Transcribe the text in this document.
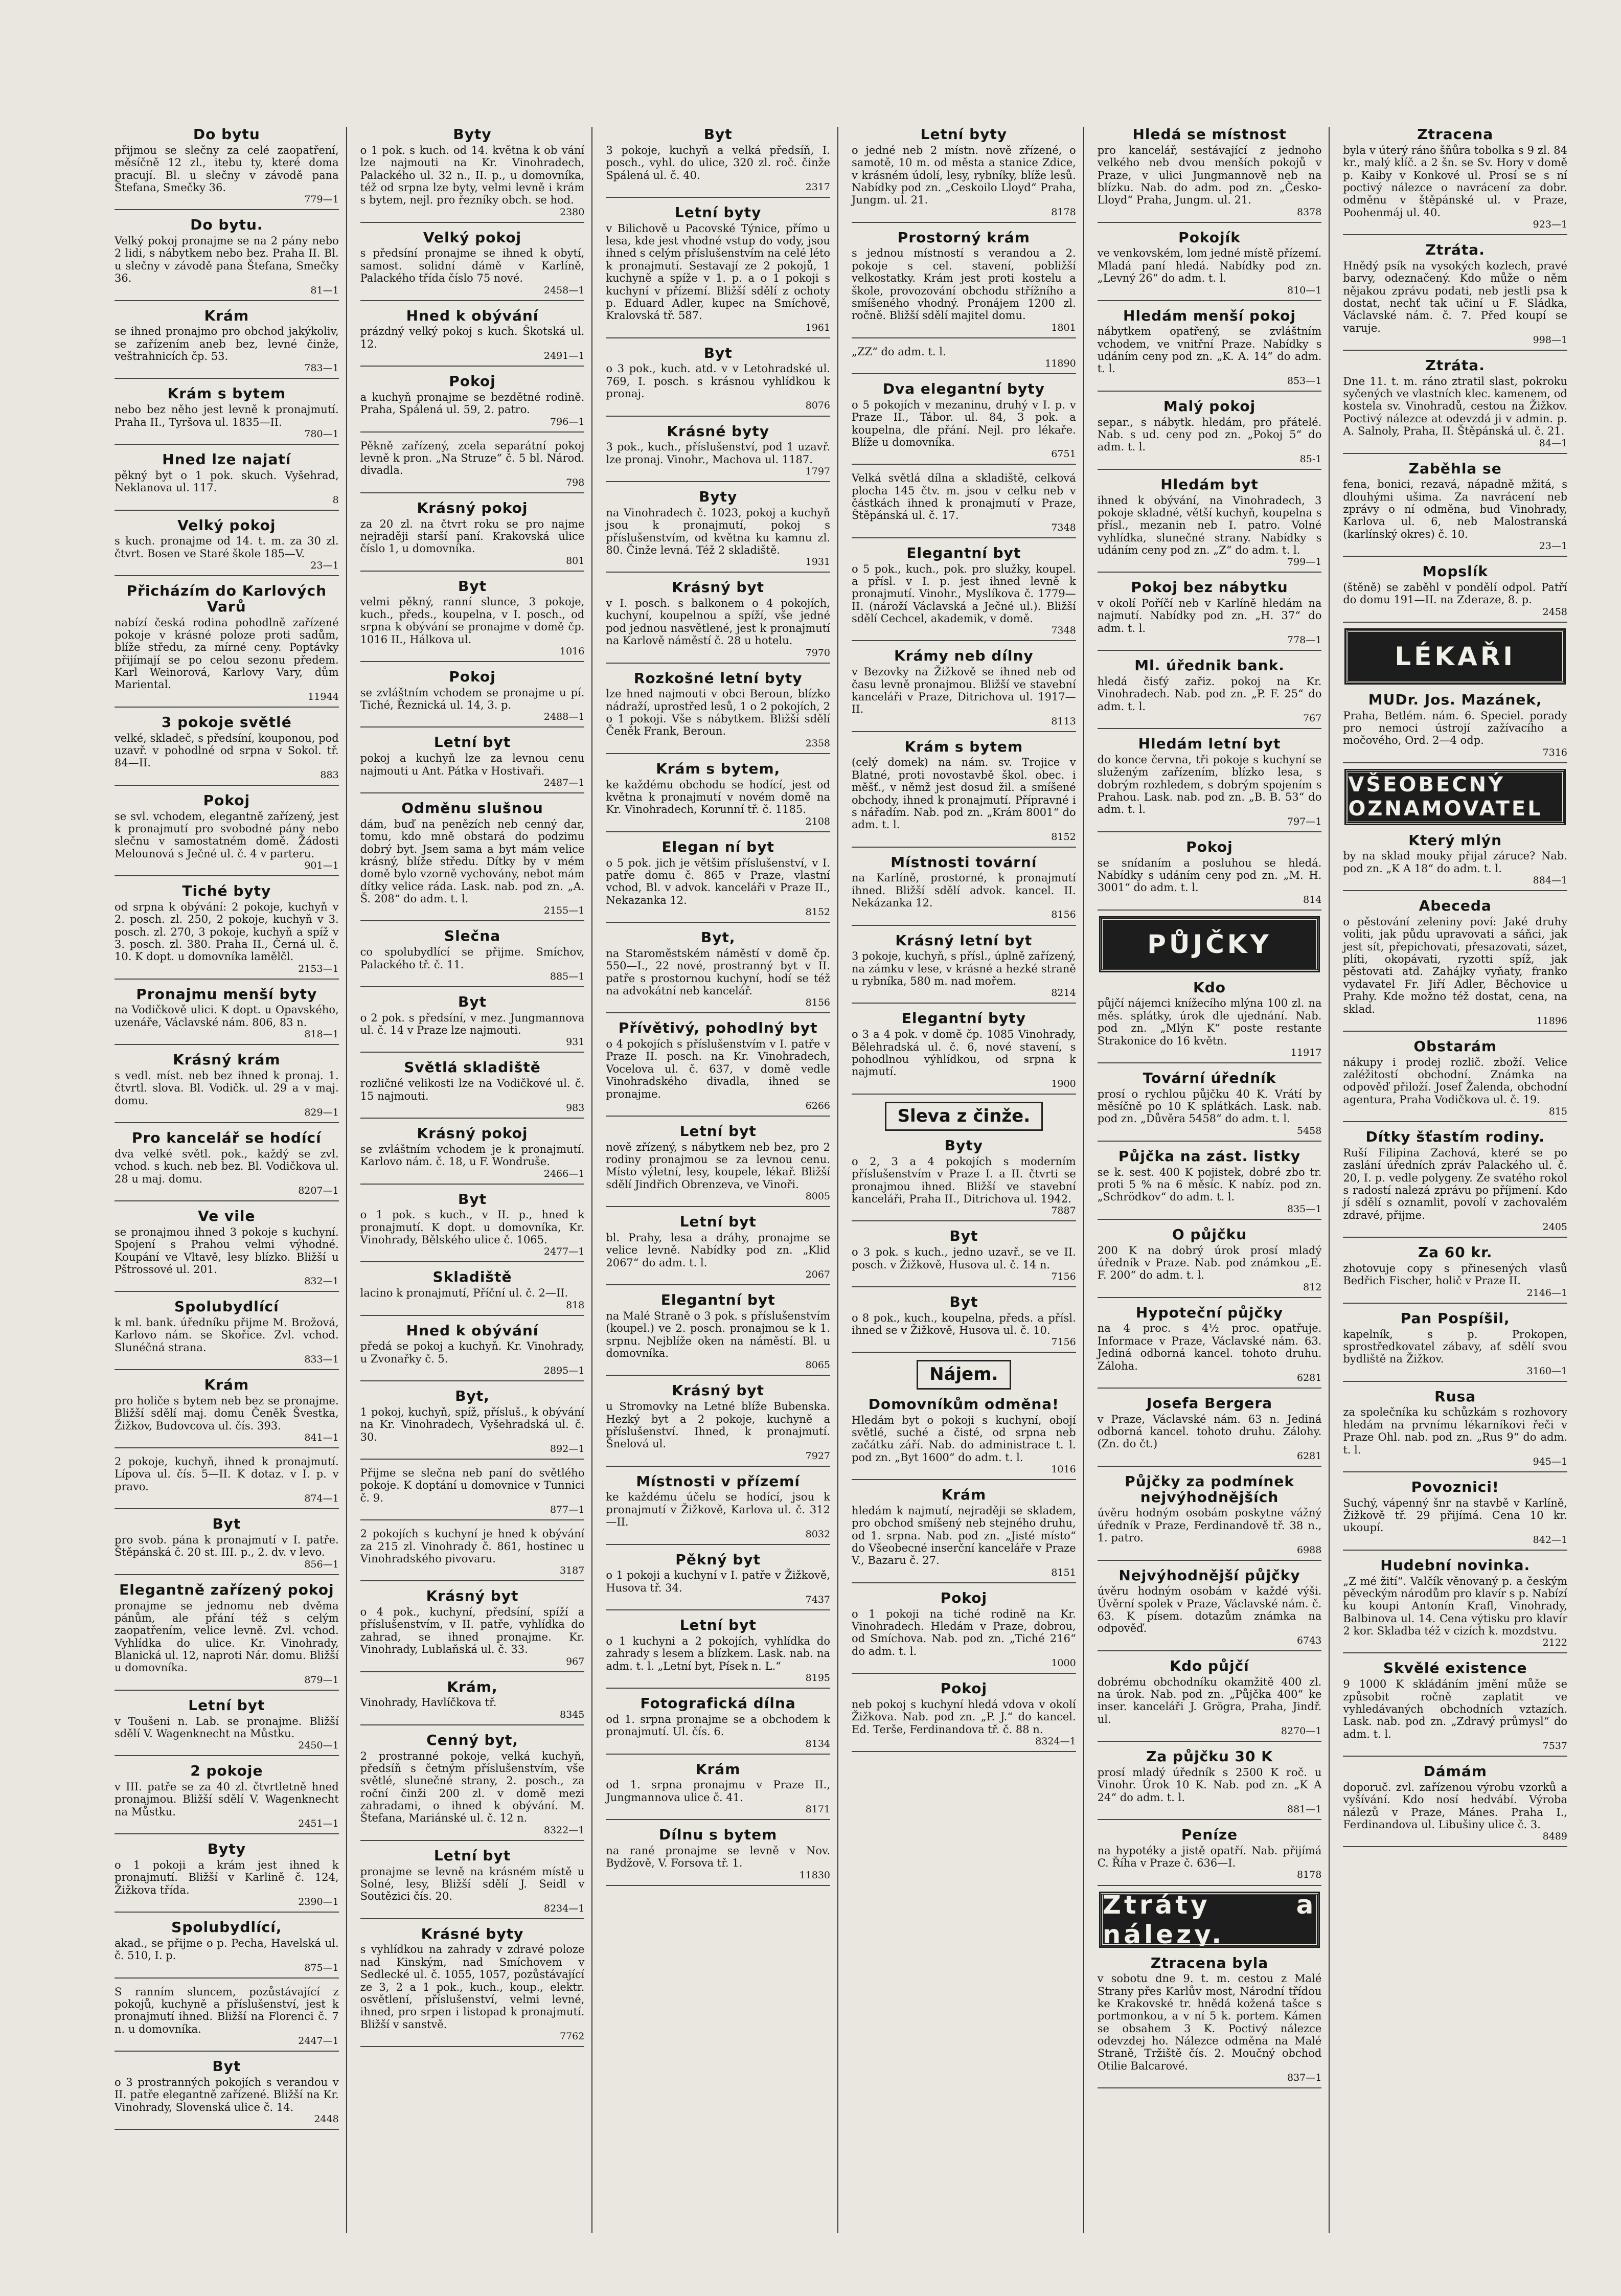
Do bytu

přijmou se slečny za celé zaopatření, měsíčně 12 zl., itebu ty, které doma pracují. Bl. u slečny v závodě pana Štefana, Smečky 36.

779—1
Do bytu.

Velký pokoj pronajme se na 2 pány nebo 2 lidi, s nábytkem nebo bez. Praha II. Bl. u slečny v závodě pana Štefana, Smečky 36.

81—1
Krám

se ihned pronajmo pro obchod jakýkoliv, se zařízením aneb bez, levné činže, veštrahnicích čp. 53.

783—1
Krám s bytem

nebo bez něho jest levně k pronajmutí. Praha II., Tyršova ul. 1835—II.

780—1
Hned lze najatí

pěkný byt o 1 pok. skuch. Vyšehrad, Neklanova ul. 117.

8
Velký pokoj

s kuch. pronajme od 14. t. m. za 30 zl. čtvrt. Bosen ve Staré škole 185—V.

23—1
Přicházím do Karlových Varů

nabízí česká rodina pohodlně zařízené pokoje v krásné poloze proti sadům, blíže středu, za mírné ceny. Poptávky přijímají se po celou sezonu předem. Karl Weinorová, Karlovy Vary, dům Mariental.

11944
3 pokoje světlé

velké, skladeč, s předsíní, kouponou, pod uzavř. v pohodlné od srpna v Sokol. tř. 84—II.

883
Pokoj

se svl. vchodem, elegantně zařízený, jest k pronajmutí pro svobodné pány nebo slečnu v samostatném domě. Žádosti Melounová s Ječné ul. č. 4 v parteru.

901—1
Tiché byty

od srpna k obývání: 2 pokoje, kuchyň v 2. posch. zl. 250, 2 pokoje, kuchyň v 3. posch. zl. 270, 3 pokoje, kuchyň a spíž v 3. posch. zl. 380. Praha II., Černá ul. č. 10. K dopt. u domovníka lamělčl.

2153—1
Pronajmu menší byty

na Vodičkově ulici. K dopt. u Opavského, uzenáře, Václavské nám. 806, 83 n.

818—1
Krásný krám

s vedl. míst. neb bez ihned k pronaj. 1. čtvrtl. slova. Bl. Vodičk. ul. 29 a v maj. domu.

829—1
Pro kancelář se hodící

dva velké světl. pok., každý se zvl. vchod. s kuch. neb bez. Bl. Vodičkova ul. 28 u maj. domu.

8207—1
Ve vile

se pronajmou ihned 3 pokoje s kuchyní. Spojení s Prahou velmi výhodné. Koupání ve Vltavě, lesy blízko. Bližší u Pštrossové ul. 201.

832—1
Spolubydlící

k ml. bank. úředníku přijme M. Brožová, Karlovo nám. se Skořice. Zvl. vchod. Slunéčná strana.

833—1
Krám

pro holiče s bytem neb bez se pronajme. Bližší sdělí maj. domu Čeněk Švestka, Žižkov, Budovcova ul. čís. 393.

841—1

2 pokoje, kuchyň, ihned k pronajmutí. Lípova ul. čís. 5—II. K dotaz. v I. p. v pravo.

874—1
Byt

pro svob. pána k pronajmutí v I. patře. Štěpánská č. 20 st. III. p., 2. dv. v levo.

856—1
Elegantně zařízený pokoj

pronajme se jednomu neb dvěma pánům, ale přání též s celým zaopatřením, velice levně. Zvl. vchod. Vyhlídka do ulice. Kr. Vinohrady, Blanická ul. 12, naproti Nár. domu. Bližší u domovníka.

879—1
Letní byt

v Toušeni n. Lab. se pronajme. Bližší sdělí V. Wagenknecht na Můstku.

2450—1
2 pokoje

v III. patře se za 40 zl. čtvrtletně hned pronajmou. Bližší sdělí V. Wagenknecht na Můstku.

2451—1
Byty

o 1 pokoji a krám jest ihned k pronajmutí. Bližší v Karlině č. 124, Žižkova třída.

2390—1
Spolubydlící,

akad., se přijme o p. Pecha, Havelská ul. č. 510, I. p.

875—1

S ranním sluncem, pozůstávající z pokojů, kuchyně a příslušenství, jest k pronajmutí ihned. Bližší na Florenci č. 7 n. u domovníka.

2447—1
Byt

o 3 prostranných pokojích s verandou v II. patře elegantně zařízené. Bližší na Kr. Vinohrady, Slovenská ulice č. 14.

2448
Byty

o 1 pok. s kuch. od 14. května k ob vání lze najmouti na Kr. Vinohradech, Palackého ul. 32 n., II. p., u domovníka, též od srpna lze byty, velmi levně i krám s bytem, nejl. pro řezníky obch. se hod.

2380
Velký pokoj

s předsíní pronajme se ihned k obytí, samost. solidní dámě v Karlíně, Palackého třída číslo 75 nové.

2458—1
Hned k obývání

prázdný velký pokoj s kuch. Škotská ul. 12.

2491—1
Pokoj

a kuchyň pronajme se bezdětné rodině. Praha, Spálená ul. 59, 2. patro.

796—1

Pěkně zařízený, zcela separátní pokoj levně k pron. „Na Struze“ č. 5 bl. Národ. divadla.

798
Krásný pokoj

za 20 zl. na čtvrt roku se pro najme nejraději starší paní. Krakovská ulice číslo 1, u domovníka.

801
Byt

velmi pěkný, ranní slunce, 3 pokoje, kuch., předs., koupelna, v I. posch., od srpna k obývání se pronajme v domě čp. 1016 II., Hálkova ul.

1016
Pokoj

se zvláštním vchodem se pronajme u pí. Tiché, Řeznická ul. 14, 3. p.

2488—1
Letní byt

pokoj a kuchyň lze za levnou cenu najmouti u Ant. Pátka v Hostivaři.

2487—1
Odměnu slušnou

dám, buď na penězích neb cenný dar, tomu, kdo mně obstará do podzimu dobrý byt. Jsem sama a byt mám velice krásný, blíže středu. Dítky by v mém domě bylo vzorně vychovány, nebot mám dítky velice ráda. Lask. nab. pod zn. „A. Š. 208“ do adm. t. l.

2155—1
Slečna

co spolubydlící se přijme. Smíchov, Palackého tř. č. 11.

885—1
Byt

o 2 pok. s předsíní, v mez. Jungmannova ul. č. 14 v Praze lze najmouti.

931
Světlá skladiště

rozličné velikosti lze na Vodičkové ul. č. 15 najmouti.

983
Krásný pokoj

se zvláštním vchodem je k pronajmutí. Karlovo nám. č. 18, u F. Wondruše.

2466—1
Byt

o 1 pok. s kuch., v II. p., hned k pronajmutí. K dopt. u domovníka, Kr. Vinohrady, Bělského ulice č. 1065.

2477—1
Skladiště

lacino k pronajmutí, Příční ul. č. 2—II.

818
Hned k obývání

předá se pokoj a kuchyň. Kr. Vinohrady, u Zvonařky č. 5.

2895—1
Byt,

1 pokoj, kuchyň, spíž, přísluš., k obývání na Kr. Vinohradech, Vyšehradská ul. č. 30.

892—1

Přijme se slečna neb paní do světlého pokoje. K doptání u domovnice v Tunnici č. 9.

877—1

2 pokojích s kuchyní je hned k obývání za 215 zl. Vinohrady č. 861, hostinec u Vinohradského pivovaru.

3187
Krásný byt

o 4 pok., kuchyní, předsíní, spíží a příslušenstvím, v II. patře, vyhlídka do zahrad, se ihned pronajme. Kr. Vinohrady, Lublaňská ul. č. 33.

967
Krám,

Vinohrady, Havlíčkova tř.

8345
Cenný byt,

2 prostranné pokoje, velká kuchyň, předsíň s četným příslušenstvím, vše světlé, slunečné strany, 2. posch., za roční činži 200 zl. v domě mezi zahradami, o ihned k obývání. M. Štefana, Mariánské ul. č. 12 n.

8322—1
Letní byt

pronajme se levně na krásném místě u Solné, lesy, Bližší sdělí J. Seidl v Soutězici čís. 20.

8234—1
Krásné byty

s vyhlídkou na zahrady v zdravé poloze nad Kinským, nad Smíchovem v Sedlecké ul. č. 1055, 1057, pozůstávající ze 3, 2 a 1 pok., kuch., koup., elektr. osvětlení, příslušenství, velmi levné, ihned, pro srpen i listopad k pronajmutí. Bližší v sanstvě.

7762
Byt

3 pokoje, kuchyň a velká předsíň, I. posch., vyhl. do ulice, 320 zl. roč. činže Spálená ul. č. 40.

2317
Letní byty

v Bilichově u Pacovské Týnice, přímo u lesa, kde jest vhodné vstup do vody, jsou ihned s celým příslušenstvím na celé léto k pronajmutí. Sestavají ze 2 pokojů, 1 kuchyně a spíže v 1. p. a o 1 pokoji s kuchyní v přízemí. Bližší sdělí z ochoty p. Eduard Adler, kupec na Smíchově, Kralovská tř. 587.

1961
Byt

o 3 pok., kuch. atd. v v Letohradské ul. 769, I. posch. s krásnou vyhlídkou k pronaj.

8076
Krásné byty

3 pok., kuch., příslušenství, pod 1 uzavř. lze pronaj. Vinohr., Machova ul. 1187.

1797
Byty

na Vinohradech č. 1023, pokoj a kuchyň jsou k pronajmutí, pokoj s příslušenstvím, od května ku kamnu zl. 80. Činže levná. Též 2 skladiště.

1931
Krásný byt

v I. posch. s balkonem o 4 pokojích, kuchyní, koupelnou a spíží, vše jedné pod jednou nasvětlené, jest k pronajmutí na Karlově náměstí č. 28 u hotelu.

7970
Rozkošné letní byty

lze hned najmouti v obci Beroun, blízko nádraží, uprostřed lesů, 1 o 2 pokojích, 2 o 1 pokoji. Vše s nábytkem. Bližší sdělí Čeněk Frank, Beroun.

2358
Krám s bytem,

ke každému obchodu se hodící, jest od května k pronajmutí v novém domě na Kr. Vinohradech, Korunní tř. č. 1185.

2108
Elegan ní byt

o 5 pok. jich je většim příslušenství, v I. patře domu č. 865 v Praze, vlastní vchod, Bl. v advok. kanceláři v Praze II., Nekazanka 12.

8152
Byt,

na Staroměstském náměstí v domě čp. 550—I., 22 nové, prostranný byt v II. patře s prostornou kuchyní, hodí se též na advokátní neb kancelář.

8156
Přívětivý, pohodlný byt

o 4 pokojích s příslušenstvím v I. patře v Praze II. posch. na Kr. Vinohradech, Vocelova ul. č. 637, v domě vedle Vinohradského divadla, ihned se pronajme.

6266
Letní byt

nově zřízený, s nábytkem neb bez, pro 2 rodiny pronajmou se za levnou cenu. Místo výletní, lesy, koupele, lékař. Bližší sdělí Jindřich Obrenzeva, ve Vinoři.

8005
Letní byt

bl. Prahy, lesa a dráhy, pronajme se velice levně. Nabídky pod zn. „Klid 2067“ do adm. t. l.

2067
Elegantní byt

na Malé Straně o 3 pok. s příslušenstvím (koupel.) ve 2. posch. pronajmou se k 1. srpnu. Nejblíže oken na náměstí. Bl. u domovníka.

8065
Krásný byt

u Stromovky na Letné blíže Bubenska. Hezký byt a 2 pokoje, kuchyně a příslušenství. Ihned, k pronajmutí. Šnelová ul.

7927
Místnosti v přízemí

ke každému účelu se hodící, jsou k pronajmutí v Žižkově, Karlova ul. č. 312—II.

8032
Pěkný byt

o 1 pokoji a kuchyní v I. patře v Žižkově, Husova tř. 34.

7437
Letní byt

o 1 kuchyni a 2 pokojích, vyhlídka do zahrady s lesem a blízkem. Lask. nab. na adm. t. l. „Letní byt, Písek n. L.“

8195
Fotografická dílna

od 1. srpna pronajme se a obchodem k pronajmutí. Ul. čís. 6.

8134
Krám

od 1. srpna pronajmu v Praze II., Jungmannova ulice č. 41.

8171
Dílnu s bytem

na rané pronajme se levně v Nov. Bydžově, V. Forsova tř. 1.

11830
Letní byty

o jedné neb 2 místn. nově zřízené, o samotě, 10 m. od města a stanice Zdice, v krásném údolí, lesy, rybníky, blíže lesů. Nabídky pod zn. „Ceskoilo Lloyd“ Praha, Jungm. ul. 21.

8178
Prostorný krám

s jednou místností s verandou a 2. pokoje s cel. stavení, pobližší velkostatky. Krám jest proti kostelu a škole, provozování obchodu střížního a smíšeného vhodný. Pronájem 1200 zl. ročně. Bližší sdělí majitel domu.

1801

„ZZ“ do adm. t. l.

11890
Dva elegantní byty

o 5 pokojích v mezaninu, druhý v I. p. v Praze II., Tábor. ul. 84, 3 pok. a koupelna, dle přání. Nejl. pro lékaře. Blíže u domovníka.

6751

Velká světlá dílna a skladiště, celková plocha 145 čtv. m. jsou v celku neb v částkách ihned k pronajmutí v Praze, Štěpánská ul. č. 17.

7348
Elegantní byt

o 5 pok., kuch., pok. pro služky, koupel. a přísl. v I. p. jest ihned levně k pronajmutí. Vinohr., Myslíkova č. 1779—II. (nároží Václavská a Ječné ul.). Bližší sdělí Cechcel, akademik, v domě.

7348
Krámy neb dílny

v Bezovky na Žižkově se ihned neb od času levně pronajmou. Bližší ve stavební kanceláři v Praze, Ditrichova ul. 1917—II.

8113
Krám s bytem

(celý domek) na nám. sv. Trojice v Blatné, proti novostavbě škol. obec. i měšť., v němž jest dosud žil. a smíšené obchody, ihned k pronajmutí. Přípravné i s nářadím. Nab. pod zn. „Krám 8001“ do adm. t. l.

8152
Místnosti tovární

na Karlíně, prostorné, k pronajmutí ihned. Bližší sdělí advok. kancel. II. Nekázanka 12.

8156
Krásný letní byt

3 pokoje, kuchyň, s přísl., úplně zařízený, na zámku v lese, v krásné a hezké straně u rybníka, 580 m. nad mořem.

8214
Elegantní byty

o 3 a 4 pok. v domě čp. 1085 Vinohrady, Bělehradská ul. č. 6, nové stavení, s pohodlnou výhlídkou, od srpna k najmutí.

1900
Sleva z činže.
Byty

o 2, 3 a 4 pokojích s moderním příslušenstvím v Praze I. a II. čtvrti se pronajmou ihned. Bližší ve stavební kanceláři, Praha II., Ditrichova ul. 1942.

7887
Byt

o 3 pok. s kuch., jedno uzavř., se ve II. posch. v Žižkově, Husova ul. č. 14 n.

7156
Byt

o 8 pok., kuch., koupelna, předs. a přísl. ihned se v Žižkově, Husova ul. č. 10.

7156
Nájem.
Domovníkům odměna!

Hledám byt o pokoji s kuchyní, obojí světlé, suché a čisté, od srpna neb začátku září. Nab. do administrace t. l. pod zn. „Byt 1600“ do adm. t. l.

1016
Krám

hledám k najmutí, nejraději se skladem, pro obchod smíšený neb stejného druhu, od 1. srpna. Nab. pod zn. „Jisté místo“ do Všeobecné inserční kanceláře v Praze V., Bazaru č. 27.

8151
Pokoj

o 1 pokoji na tiché rodině na Kr. Vinohradech. Hledám v Praze, dobrou, od Smíchova. Nab. pod zn. „Tiché 216“ do adm. t. l.

1000
Pokoj

neb pokoj s kuchyní hledá vdova v okolí Žižkova. Nab. pod zn. „P. J.“ do kancel. Ed. Terše, Ferdinandova tř. č. 88 n.

8324—1
Hledá se místnost

pro kancelář, sestávající z jednoho velkého neb dvou menších pokojů v Praze, v ulici Jungmannově neb na blízku. Nab. do adm. pod zn. „Česko-Lloyd“ Praha, Jungm. ul. 21.

8378
Pokojík

ve venkovském, lom jedné místě přízemí. Mladá paní hledá. Nabídky pod zn. „Levný 26“ do adm. t. l.

810—1
Hledám menší pokoj

nábytkem opatřený, se zvláštním vchodem, ve vnitřní Praze. Nabídky s udáním ceny pod zn. „K. A. 14“ do adm. t. l.

853—1
Malý pokoj

separ., s nábytk. hledám, pro přátelé. Nab. s ud. ceny pod zn. „Pokoj 5“ do adm. t. l.

85-1
Hledám byt

ihned k obývání, na Vinohradech, 3 pokoje skladné, větší kuchyň, koupelna s přísl., mezanin neb I. patro. Volné vyhlídka, slunečné strany. Nabídky s udáním ceny pod zn. „Z“ do adm. t. l.

799—1
Pokoj bez nábytku

v okolí Poříčí neb v Karlíně hledám na najmutí. Nabídky pod zn. „H. 37“ do adm. t. l.

778—1
Ml. úřednik bank.

hledá čisťý zařiz. pokoj na Kr. Vinohradech. Nab. pod zn. „P. F. 25“ do adm. t. l.

767
Hledám letní byt

do konce června, tři pokoje s kuchyní se služeným zařízením, blízko lesa, s dobrým rozhledem, s dobrým spojením s Prahou. Lask. nab. pod zn. „B. B. 53“ do adm. t. l.

797—1
Pokoj

se snídaním a posluhou se hledá. Nabídky s udáním ceny pod zn. „M. H. 3001“ do adm. t. l.

814
PŮJČKY
Kdo

půjčí nájemci knížecího mlýna 100 zl. na měs. splátky, úrok dle ujednání. Nab. pod zn. „Mlýn K“ poste restante Strakonice do 16 květn.

11917
Tovární úředník

prosí o rychlou půjčku 40 K. Vrátí by měsíčně po 10 K splátkách. Lask. nab. pod zn. „Důvěra 5458“ do adm. t. l.

5458
Půjčka na zást. listky

se k. sest. 400 K pojistek, dobré zbo tr. proti 5 % na 6 měsíc. K nabíz. pod zn. „Schrödkov“ do adm. t. l.

835—1
O půjčku

200 K na dobrý úrok prosí mladý úředník v Praze. Nab. pod známkou „E. F. 200“ do adm. t. l.

812
Hypoteční půjčky

na 4 proc. s 4½ proc. opatřuje. Informace v Praze, Václavské nám. 63. Jediná odborná kancel. tohoto druhu. Záloha.

6281
Josefa Bergera

v Praze, Václavské nám. 63 n. Jediná odborná kancel. tohoto druhu. Zálohy. (Zn. do čt.)

6281
Půjčky za podmínek nejvýhodnějších

úvěru hodným osobám poskytne vážný úředník v Praze, Ferdinandově tř. 38 n., 1. patro.

6988
Nejvýhodnější půjčky

úvěru hodným osobám v každé výši. Úvěrní spolek v Praze, Václavské nám. č. 63. K písem. dotazům známka na odpověď.

6743
Kdo půjčí

dobrému obchodníku okamžitě 400 zl. na úrok. Nab. pod zn. „Půjčka 400“ ke inser. kanceláři J. Grögra, Praha, Jindř. ul.

8270—1
Za půjčku 30 K

prosí mladý úředník s 2500 K roč. u Vinohr. Úrok 10 K. Nab. pod zn. „K A 24“ do adm. t. l.

881—1
Peníze

na hypotéky a jistě opatří. Nab. přijímá C. Říha v Praze č. 636—I.

8178
Ztráty a nálezy.
Ztracena byla

v sobotu dne 9. t. m. cestou z Malé Strany přes Karlův most, Národní třídou ke Krakovské tr. hnědá kožená tašce s portmonkou, a v ní 5 k. portem. Kámen se obsahem 3 K. Poctivý nálezce odevzdej ho. Nálezce odměna na Malé Straně, Tržiště čís. 2. Moučný obchod Otilie Balcarové.

837—1
Ztracena

byla v úterý ráno šňůra tobolka s 9 zl. 84 kr., malý klíč. a 2 šn. se Sv. Hory v domě p. Kaiby v Konkové ul. Prosí se s ní poctivý nálezce o navrácení za dobr. odměnu v štěpánské ul. v Praze, Poohenmáj ul. 40.

923—1
Ztráta.

Hnědý psík na vysokých kozlech, pravé barvy, odeznačený. Kdo může o něm nějakou zprávu podati, neb jestli psa k dostat, nechť tak učiní u F. Sládka, Václavské nám. č. 7. Před koupí se varuje.

998—1
Ztráta.

Dne 11. t. m. ráno ztratil slast, pokroku syčených ve vlastních klec. kamenem, od kostela sv. Vinohradů, cestou na Žižkov. Poctivý nálezce at odevzdá ji v admin. p. A. Salnoly, Praha, II. Štěpánská ul. č. 21.

84—1
Zaběhla se

fena, bonici, rezavá, nápadně mžitá, s dlouhými ušima. Za navrácení neb zprávy o ní odměna, bud Vinohrady, Karlova ul. 6, neb Malostranská (karlínský okres) č. 10.

23—1
Mopslík

(štěně) se zaběhl v pondělí odpol. Patří do domu 191—II. na Zderaze, 8. p.

2458
LÉKAŘI
MUDr. Jos. Mazánek,

Praha, Betlém. nám. 6. Speciel. porady pro nemoci ústrojí zažívacího a močového, Ord. 2—4 odp.

7316
VŠEOBECNÝ OZNAMOVATEL
Který mlýn

by na sklad mouky přijal záruce? Nab. pod zn. „K A 18“ do adm. t. l.

884—1
Abeceda

o pěstování zeleniny poví: Jaké druhy voliti, jak půdu upravovati a sáňci, jak jest sít, přepichovati, přesazovati, sázet, plíti, okopávati, ryzotti spíž, jak pěstovati atd. Zahájky vyňaty, franko vydavatel Fr. Jiří Adler, Běchovice u Prahy. Kde možno též dostat, cena, na sklad.

11896
Obstarám

nákupy i prodej rozlič. zboží. Velice zaléžitostí obchodní. Známka na odpověď přiloží. Josef Žalenda, obchodní agentura, Praha Vodičkova ul. č. 19.

815
Dítky šťastím rodiny.

Ruší Filipina Zachová, které se po zaslání úředních zpráv Palackého ul. č. 20, I. p. vedle polygeny. Ze svatého rokol s radostí nalezá zprávu po příjmení. Kdo jí sdělí s oznamlit, povolí v zachovalém zdravé, přijme.

2405
Za 60 kr.

zhotovuje copy s přinesených vlasů Bedřich Fischer, holič v Praze II.

2146—1
Pan Pospíšil,

kapelník, s p. Prokopen, sprostředkovatel zábavy, ať sdělí svou bydliště na Žižkov.

3160—1
Rusa

za společníka ku schůzkám s rozhovory hledám na prvnímu lékarníkovi řeči v Praze Ohl. nab. pod zn. „Rus 9“ do adm. t. l.

945—1
Povoznici!

Suchý, vápenný šnr na stavbě v Karlíně, Žižkově tř. 29 přijímá. Cena 10 kr. ukoupí.

842—1
Hudební novinka.

„Z mé žití“. Valčík věnovaný p. a českým pěveckým národům pro klavír s p. Nabízí ku koupi Antonín Krafl, Vinohrady, Balbinova ul. 14. Cena výtisku pro klavír 2 kor. Skladba též v cizích k. mozdstvu.

2122
Skvělé existence

9 1000 K skládáním jmění může se způsobit ročně zaplatit ve vyhledávaných obchodních vztazích. Lask. nab. pod zn. „Zdravý průmysl“ do adm. t. l.

7537
Dámám

doporuč. zvl. zařízenou výrobu vzorků a vyšívání. Kdo nosí hedvábí. Výroba nálezů v Praze, Mánes. Praha I., Ferdinandova ul. Libušiny ulice č. 3.

8489
